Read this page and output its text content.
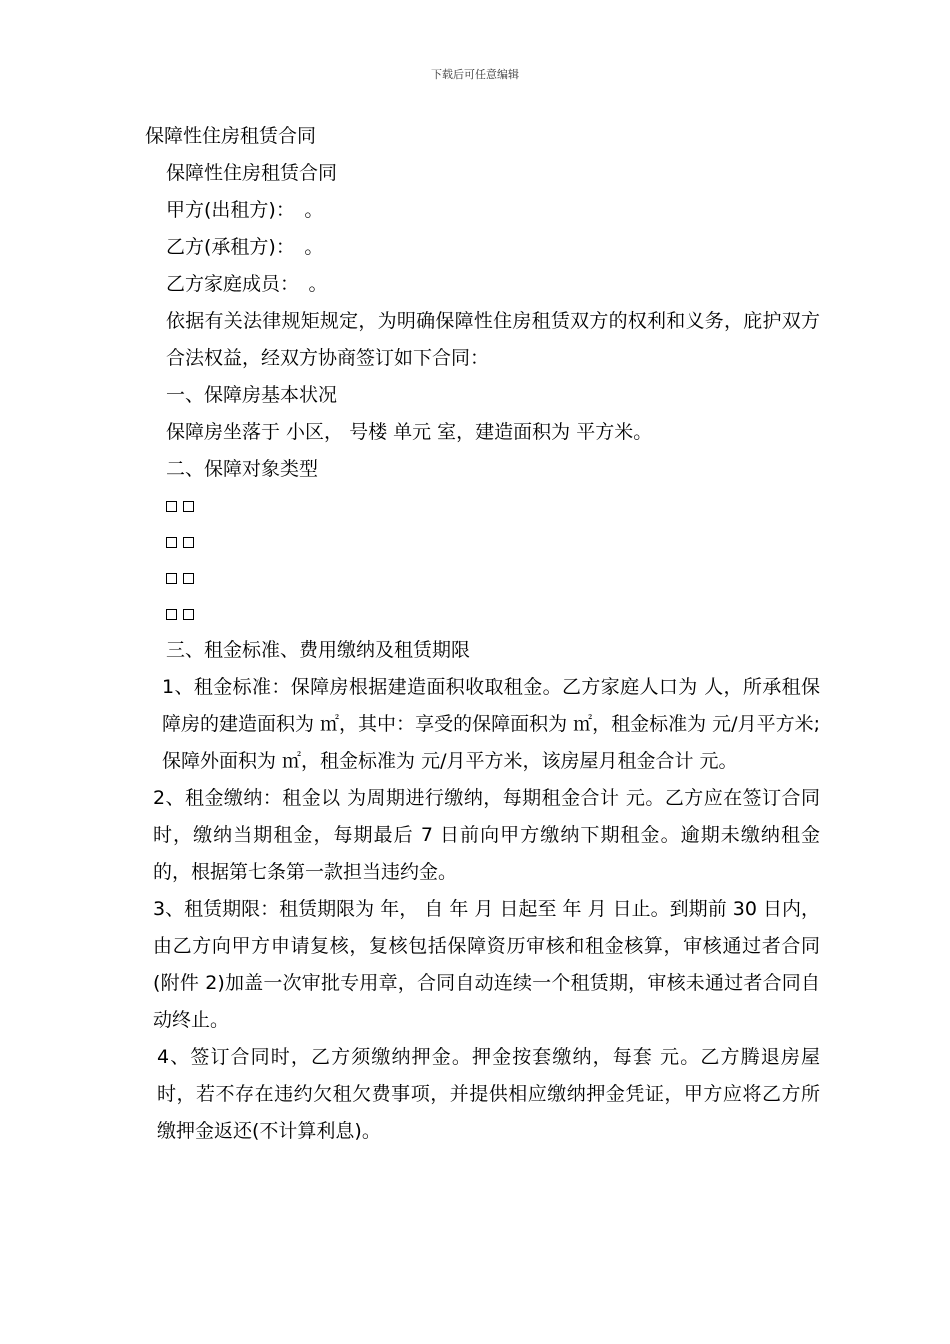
下载后可任意编辑
保障性住房租赁合同

保障性住房租赁合同

甲方(出租方)：　。

乙方(承租方)：　。

乙方家庭成员：　。

依据有关法律规矩规定，为明确保障性住房租赁双方的权利和义务，庇护双方合法权益，经双方协商签订如下合同：

一、保障房基本状况

保障房坐落于 小区， 号楼 单元 室，建造面积为 平方米。

二、保障对象类型

三、租金标准、费用缴纳及租赁期限

1、租金标准：保障房根据建造面积收取租金。乙方家庭人口为 人，所承租保障房的建造面积为 ㎡，其中：享受的保障面积为 ㎡，租金标准为 元/月平方米;保障外面积为 ㎡，租金标准为 元/月平方米，该房屋月租金合计 元。

2、租金缴纳：租金以 为周期进行缴纳，每期租金合计 元。乙方应在签订合同时，缴纳当期租金，每期最后 7 日前向甲方缴纳下期租金。逾期未缴纳租金的，根据第七条第一款担当违约金。

3、租赁期限：租赁期限为 年， 自 年 月 日起至 年 月 日止。到期前 30 日内，由乙方向甲方申请复核，复核包括保障资历审核和租金核算，审核通过者合同(附件 2)加盖一次审批专用章，合同自动连续一个租赁期，审核未通过者合同自动终止。

4、签订合同时，乙方须缴纳押金。押金按套缴纳，每套 元。乙方腾退房屋时，若不存在违约欠租欠费事项，并提供相应缴纳押金凭证，甲方应将乙方所缴押金返还(不计算利息)。
